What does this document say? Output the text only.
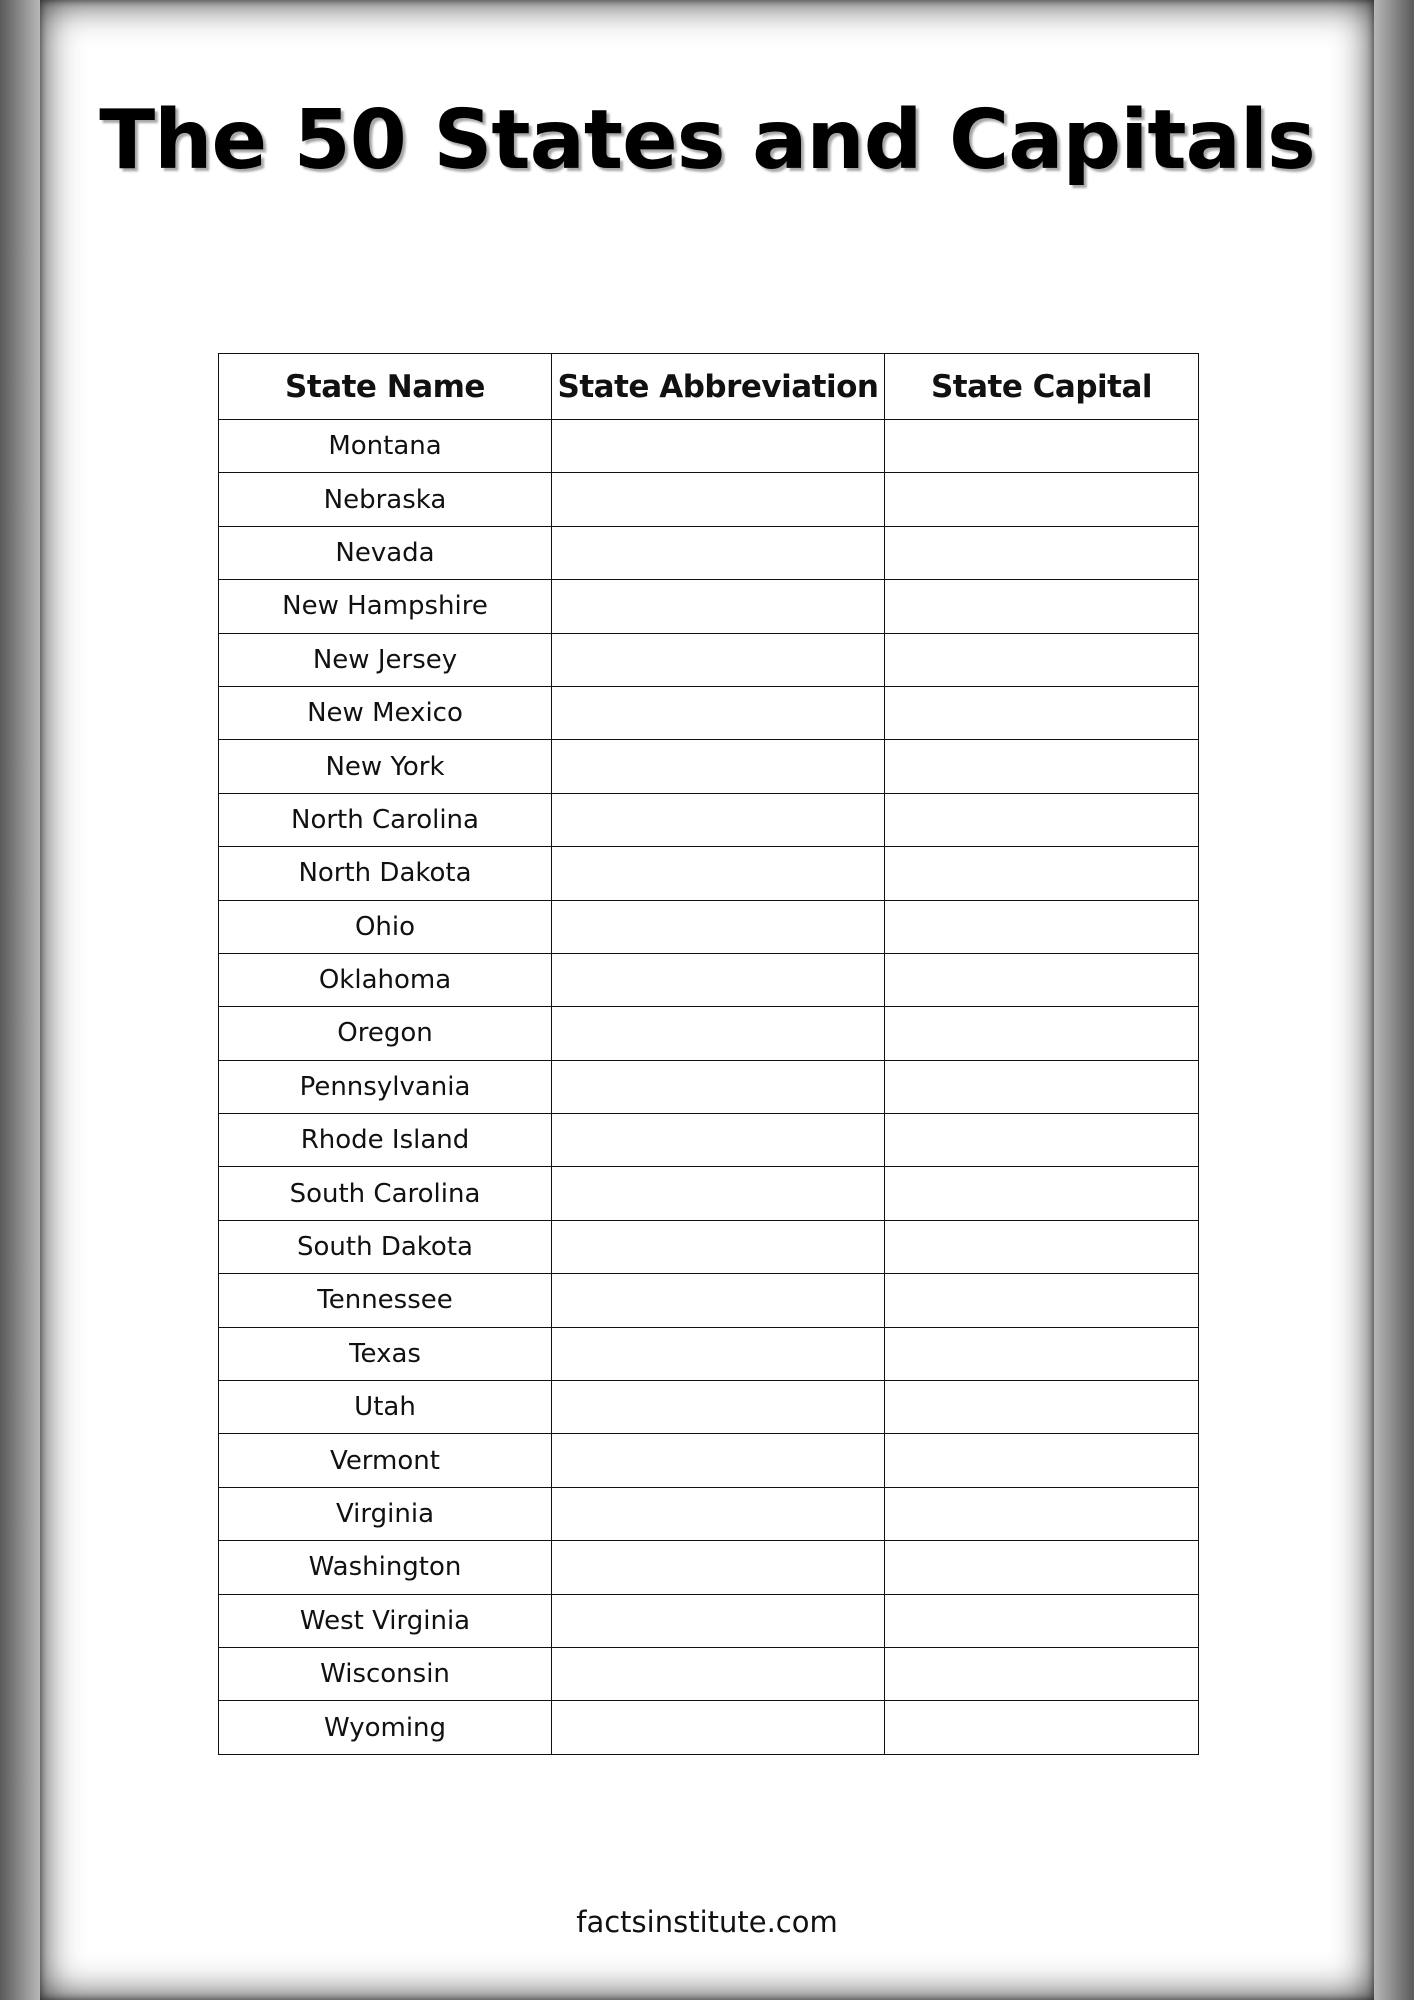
The 50 States and Capitals
State Name	State Abbreviation	State Capital
Montana		
Nebraska		
Nevada		
New Hampshire		
New Jersey		
New Mexico		
New York		
North Carolina		
North Dakota		
Ohio		
Oklahoma		
Oregon		
Pennsylvania		
Rhode Island		
South Carolina		
South Dakota		
Tennessee		
Texas		
Utah		
Vermont		
Virginia		
Washington		
West Virginia		
Wisconsin		
Wyoming		
factsinstitute.com
